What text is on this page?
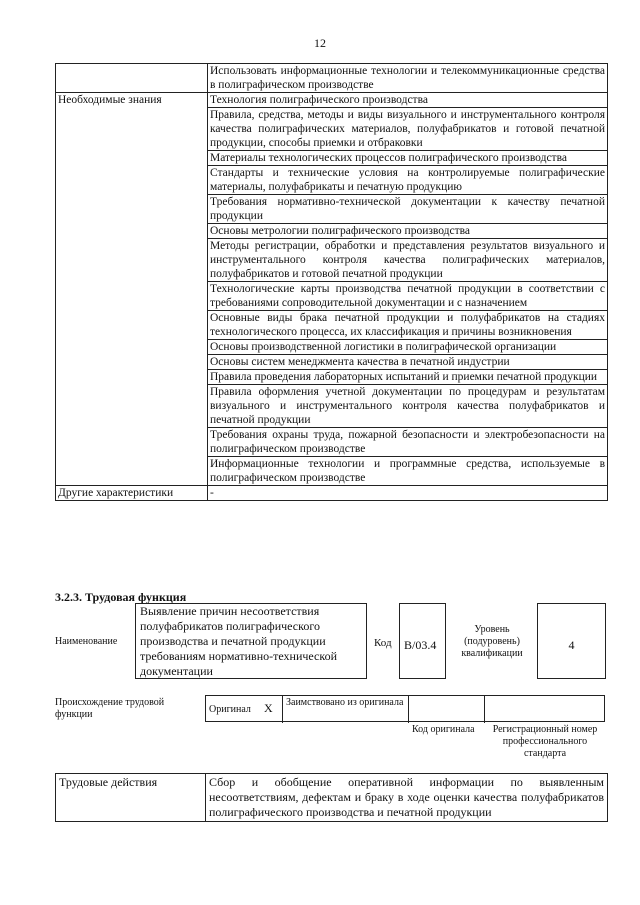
12
	Использовать информационные технологии и телекоммуникационные средства в полиграфическом производстве
Необходимые знания	Технология полиграфического производства
	Правила, средства, методы и виды визуального и инструментального контроля качества полиграфических материалов, полуфабрикатов и готовой печатной продукции, способы приемки и отбраковки
	Материалы технологических процессов полиграфического производства
	Стандарты и технические условия на контролируемые полиграфические материалы, полуфабрикаты и печатную продукцию
	Требования нормативно-технической документации к качеству печатной продукции
	Основы метрологии полиграфического производства
	Методы регистрации, обработки и представления результатов визуального и инструментального контроля качества полиграфических материалов, полуфабрикатов и готовой печатной продукции
	Технологические карты производства печатной продукции в соответствии с требованиями сопроводительной документации и с назначением
	Основные виды брака печатной продукции и полуфабрикатов на стадиях технологического процесса, их классификация и причины возникновения
	Основы производственной логистики в полиграфической организации
	Основы систем менеджмента качества в печатной индустрии
	Правила проведения лабораторных испытаний и приемки печатной продукции
	Правила оформления учетной документации по процедурам и результатам визуального и инструментального контроля качества полуфабрикатов и печатной продукции
	Требования охраны труда, пожарной безопасности и электробезопасности на полиграфическом производстве
	Информационные технологии и программные средства, используемые в полиграфическом производстве
Другие характеристики	-
3.2.3. Трудовая функция
Наименование
Выявление причин несоответствия полуфабрикатов полиграфического производства и печатной продукции требованиям нормативно-технической документации
Код	В/03.4
Уровень (подуровень) квалификации
4
Происхождение трудовой функции	Оригинал X Заимствовано из оригинала
Код оригинала	Регистрационный номер профессионального стандарта
Трудовые действия	Сбор и обобщение оперативной информации по выявленным несоответствиям, дефектам и браку в ходе оценки качества полуфабрикатов полиграфического производства и печатной продукции
